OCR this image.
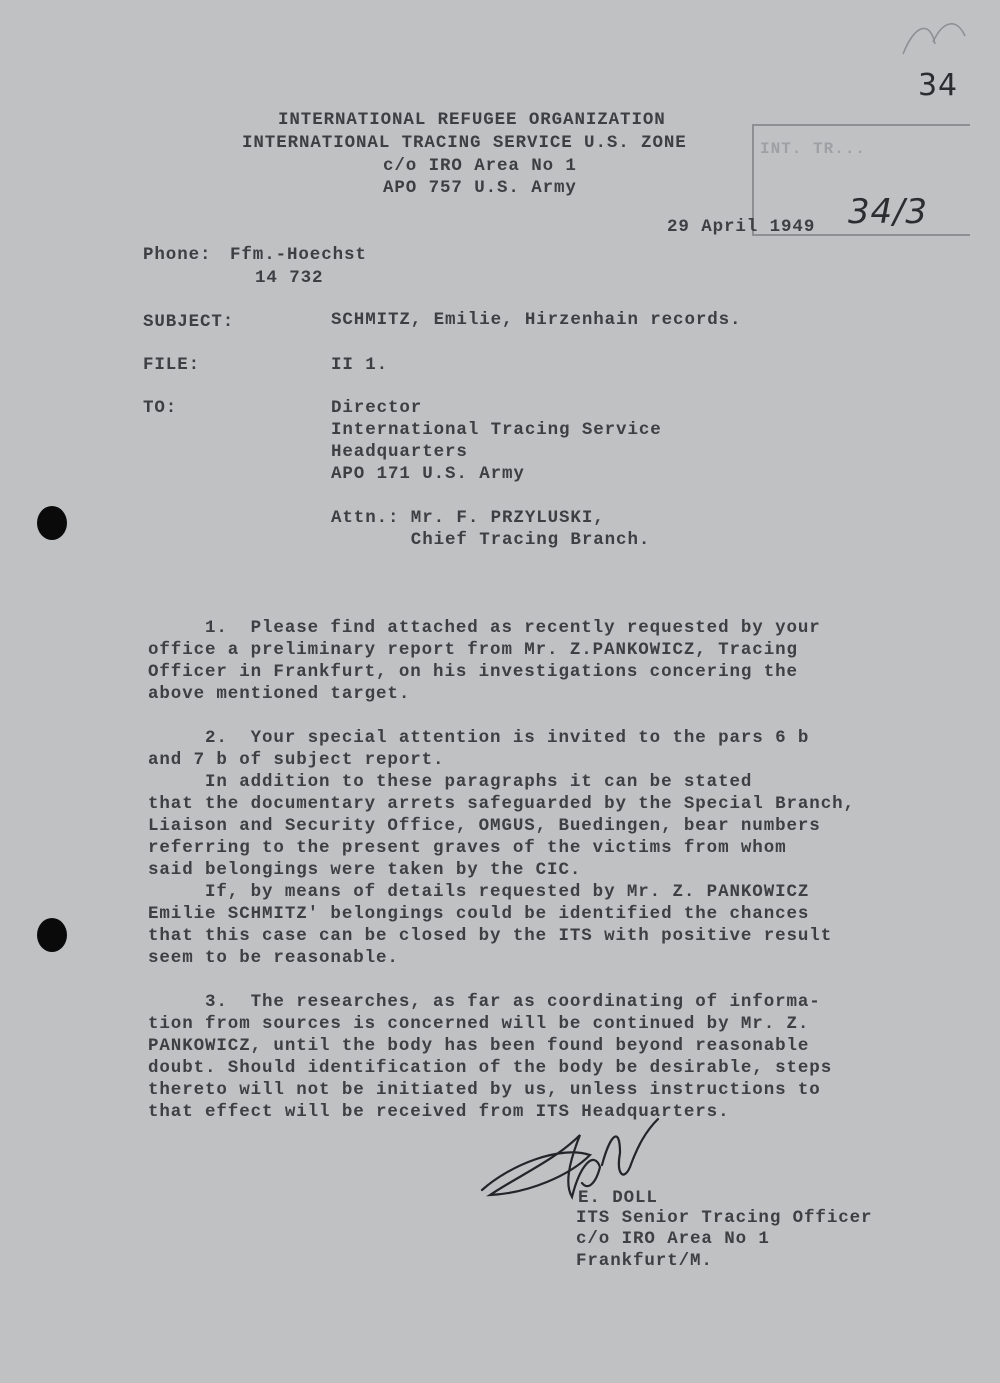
34
INT. TR...
34/3
INTERNATIONAL REFUGEE ORGANIZATION
INTERNATIONAL TRACING SERVICE U.S. ZONE
c/o IRO Area No 1
APO 757 U.S. Army
29 April 1949
Phone: Ffm.-Hoechst
14 732
SUBJECT:	SCHMITZ, Emilie, Hirzenhain records.
FILE:	II 1.
TO:	Director
International Tracing Service
Headquarters
APO 171 U.S. Army
Attn.: Mr. F. PRZYLUSKI,
Chief Tracing Branch.
1.  Please find attached as recently requested by your
office a preliminary report from Mr. Z.PANKOWICZ, Tracing
Officer in Frankfurt, on his investigations concering the
above mentioned target.
2.  Your special attention is invited to the pars 6 b
and 7 b of subject report.
In addition to these paragraphs it can be stated
that the documentary arrets safeguarded by the Special Branch,
Liaison and Security Office, OMGUS, Buedingen, bear numbers
referring to the present graves of the victims from whom
said belongings were taken by the CIC.
If, by means of details requested by Mr. Z. PANKOWICZ
Emilie SCHMITZ' belongings could be identified the chances
that this case can be closed by the ITS with positive result
seem to be reasonable.
3.  The researches, as far as coordinating of informa-
tion from sources is concerned will be continued by Mr. Z.
PANKOWICZ, until the body has been found beyond reasonable
doubt. Should identification of the body be desirable, steps
thereto will not be initiated by us, unless instructions to
that effect will be received from ITS Headquarters.
E. DOLL
ITS Senior Tracing Officer
c/o IRO Area No 1
Frankfurt/M.
